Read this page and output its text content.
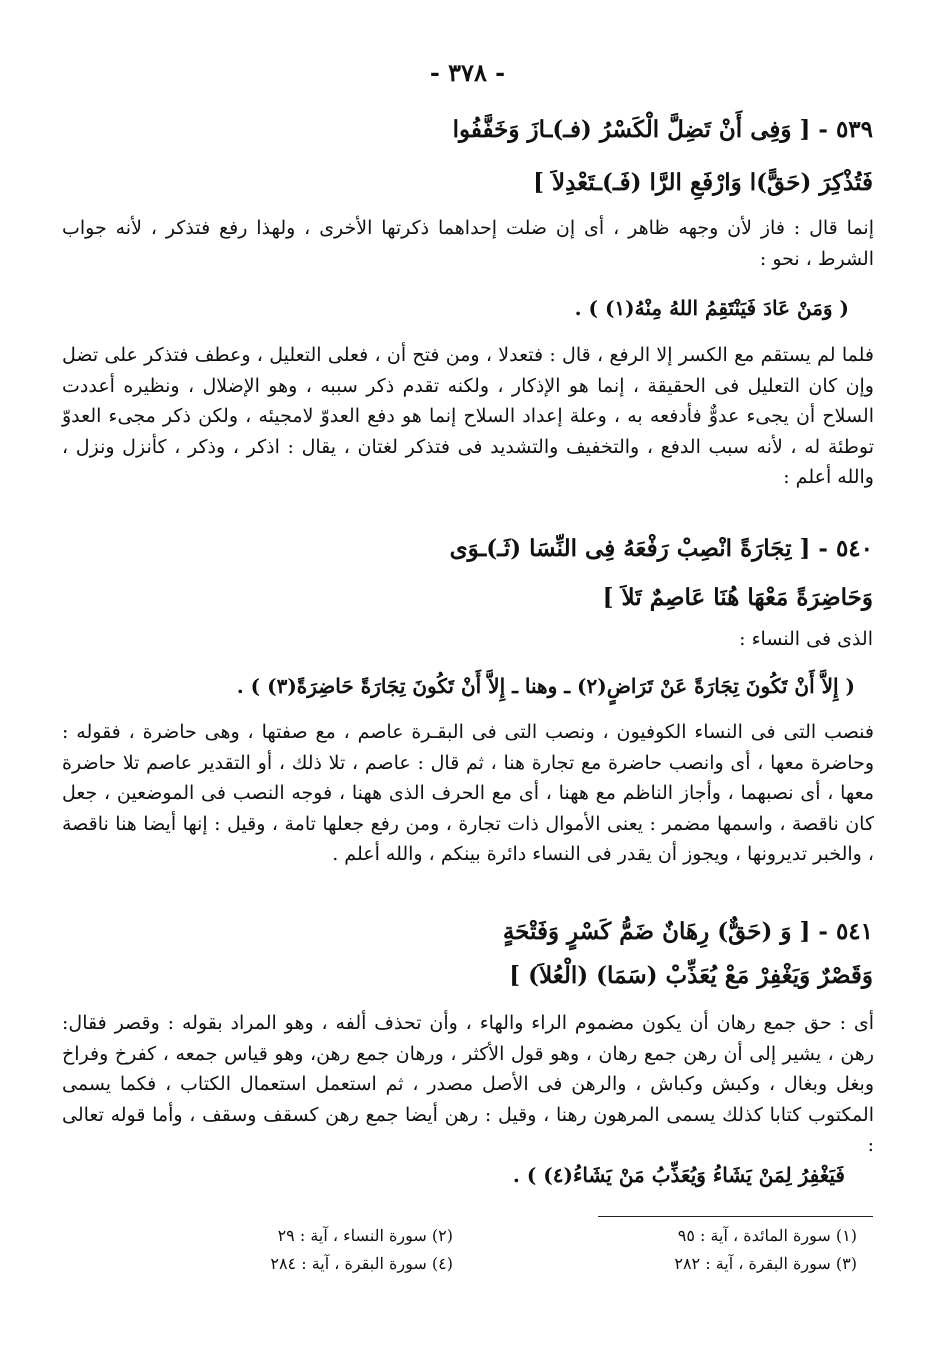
- ٣٧٨ -
٥٣٩ - [ وَفِى أَنْ تَضِلَّ الْكَسْرُ (فـ)ـازَ وَخَفَّفُوا
فَتُذْكِرَ (حَقًّ)ا وَارْفَعِ الرَّا (فَـ)ـتَعْدِلاَ ]
إنما قال : فاز لأن وجهه ظاهر ، أى إن ضلت إحداهما ذكرتها الأخرى ، ولهذا رفع فتذكر ، لأنه جواب الشرط ، نحو :
( وَمَنْ عَادَ فَيَنْتَقِمُ اللهُ مِنْهُ(١) ) .
فلما لم يستقم مع الكسر إلا الرفع ، قال : فتعدلا ، ومن فتح أن ، فعلى التعليل ، وعطف فتذكر على تضل وإن كان التعليل فى الحقيقة ، إنما هو الإذكار ، ولكنه تقدم ذكر سببه ، وهو الإضلال ، ونظيره أعددت السلاح أن يجىء عدوٌّ فأدفعه به ، وعلة إعداد السلاح إنما هو دفع العدوّ لامجيئه ، ولكن ذكر مجىء العدوّ توطئة له ، لأنه سبب الدفع ، والتخفيف والتشديد فى فتذكر لغتان ، يقال : اذكر ، وذكر ، كأنزل ونزل ، والله أعلم :
٥٤٠ - [ تِجَارَةً انْصِبْ رَفْعَهُ فِى النِّسَا (ثَـ)ـوَى
وَحَاضِرَةً مَعْهَا هُنَا عَاصِمٌ تَلاَ ]
الذى فى النساء :
( إِلاَّ أَنْ تَكُونَ تِجَارَةً عَنْ تَرَاضٍ(٢) ـ وهنا ـ إِلاَّ أَنْ تَكُونَ تِجَارَةً حَاضِرَةً(٣) ) .
فنصب التى فى النساء الكوفيون ، ونصب التى فى البقـرة عاصم ، مع صفتها ، وهى حاضرة ، فقوله : وحاضرة معها ، أى وانصب حاضرة مع تجارة هنا ، ثم قال : عاصم ، تلا ذلك ، أو التقدير عاصم تلا حاضرة معها ، أى نصبهما ، وأجاز الناظم مع ههنا ، أى مع الحرف الذى ههنا ، فوجه النصب فى الموضعين ، جعل كان ناقصة ، واسمها مضمر : يعنى الأموال ذات تجارة ، ومن رفع جعلها تامة ، وقيل : إنها أيضا هنا ناقصة ، والخبر تديرونها ، ويجوز أن يقدر فى النساء دائرة بينكم ، والله أعلم .
٥٤١ - [ وَ (حَقٌّ) رِهَانٌ ضَمُّ كَسْرٍ وَفَتْحَةٍ
وَقَصْرٌ وَيَغْفِرْ مَعْ يُعَذِّبْ (سَمَا) (الْعُلاَ) ]
أى : حق جمع رهان أن يكون مضموم الراء والهاء ، وأن تحذف ألفه ، وهو المراد بقوله : وقصر فقال: رهن ، يشير إلى أن رهن جمع رهان ، وهو قول الأكثر ، ورهان جمع رهن، وهو قياس جمعه ، كفرخ وفراخ وبغل وبغال ، وكبش وكباش ، والرهن فى الأصل مصدر ، ثم استعمل استعمال الكتاب ، فكما يسمى المكتوب كتابا كذلك يسمى المرهون رهنا ، وقيل : رهن أيضا جمع رهن كسقف وسقف ، وأما قوله تعالى :
فَيَغْفِرُ لِمَنْ يَشَاءُ وَيُعَذِّبُ مَنْ يَشَاءُ(٤) ) .
(١) سورة المائدة ، آية : ٩٥
(٢) سورة النساء ، آية : ٢٩
(٣) سورة البقرة ، آية : ٢٨٢
(٤) سورة البقرة ، آية : ٢٨٤
